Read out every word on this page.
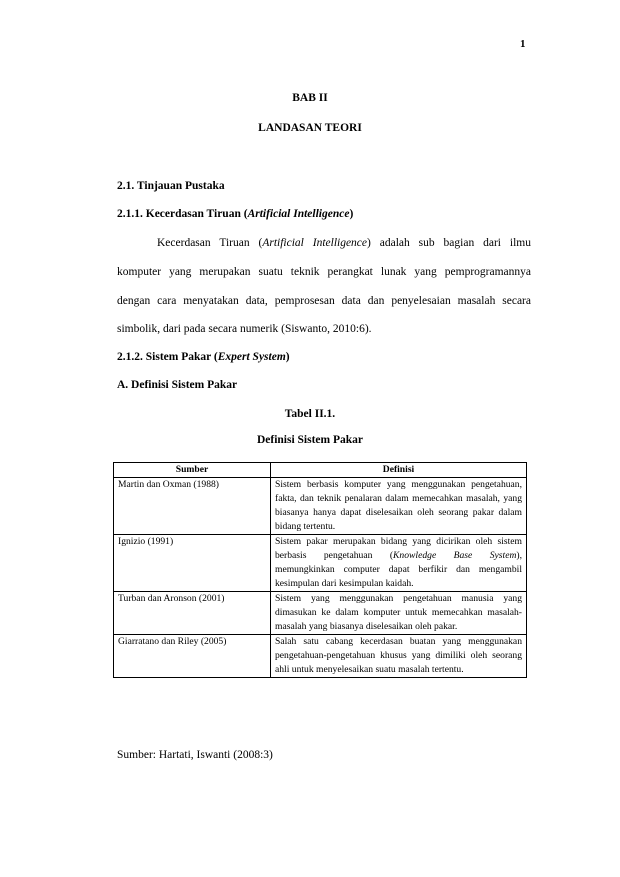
1
BAB II
LANDASAN TEORI
2.1. Tinjauan Pustaka
2.1.1. Kecerdasan Tiruan (Artificial Intelligence)
Kecerdasan Tiruan (Artificial Intelligence) adalah sub bagian dari ilmu
komputer yang merupakan suatu teknik perangkat lunak yang pemprogramannya
dengan cara menyatakan data, pemprosesan data dan penyelesaian masalah secara
simbolik, dari pada secara numerik (Siswanto, 2010:6).
2.1.2. Sistem Pakar (Expert System)
A. Definisi Sistem Pakar
Tabel II.1.
Definisi Sistem Pakar
Sumber	Definisi
Martin dan Oxman (1988)	Sistem berbasis komputer yang menggunakan pengetahuan, fakta, dan teknik penalaran dalam memecahkan masalah, yang biasanya hanya dapat diselesaikan oleh seorang pakar dalam bidang tertentu.
Ignizio (1991)	Sistem pakar merupakan bidang yang dicirikan oleh sistem berbasis pengetahuan (Knowledge Base System), memungkinkan computer dapat berfikir dan mengambil kesimpulan dari kesimpulan kaidah.
Turban dan Aronson (2001)	Sistem yang menggunakan pengetahuan manusia yang dimasukan ke dalam komputer untuk memecahkan masalah-masalah yang biasanya diselesaikan oleh pakar.
Giarratano dan Riley (2005)	Salah satu cabang kecerdasan buatan yang menggunakan pengetahuan-pengetahuan khusus yang dimiliki oleh seorang ahli untuk menyelesaikan suatu masalah tertentu.
Sumber: Hartati, Iswanti (2008:3)
